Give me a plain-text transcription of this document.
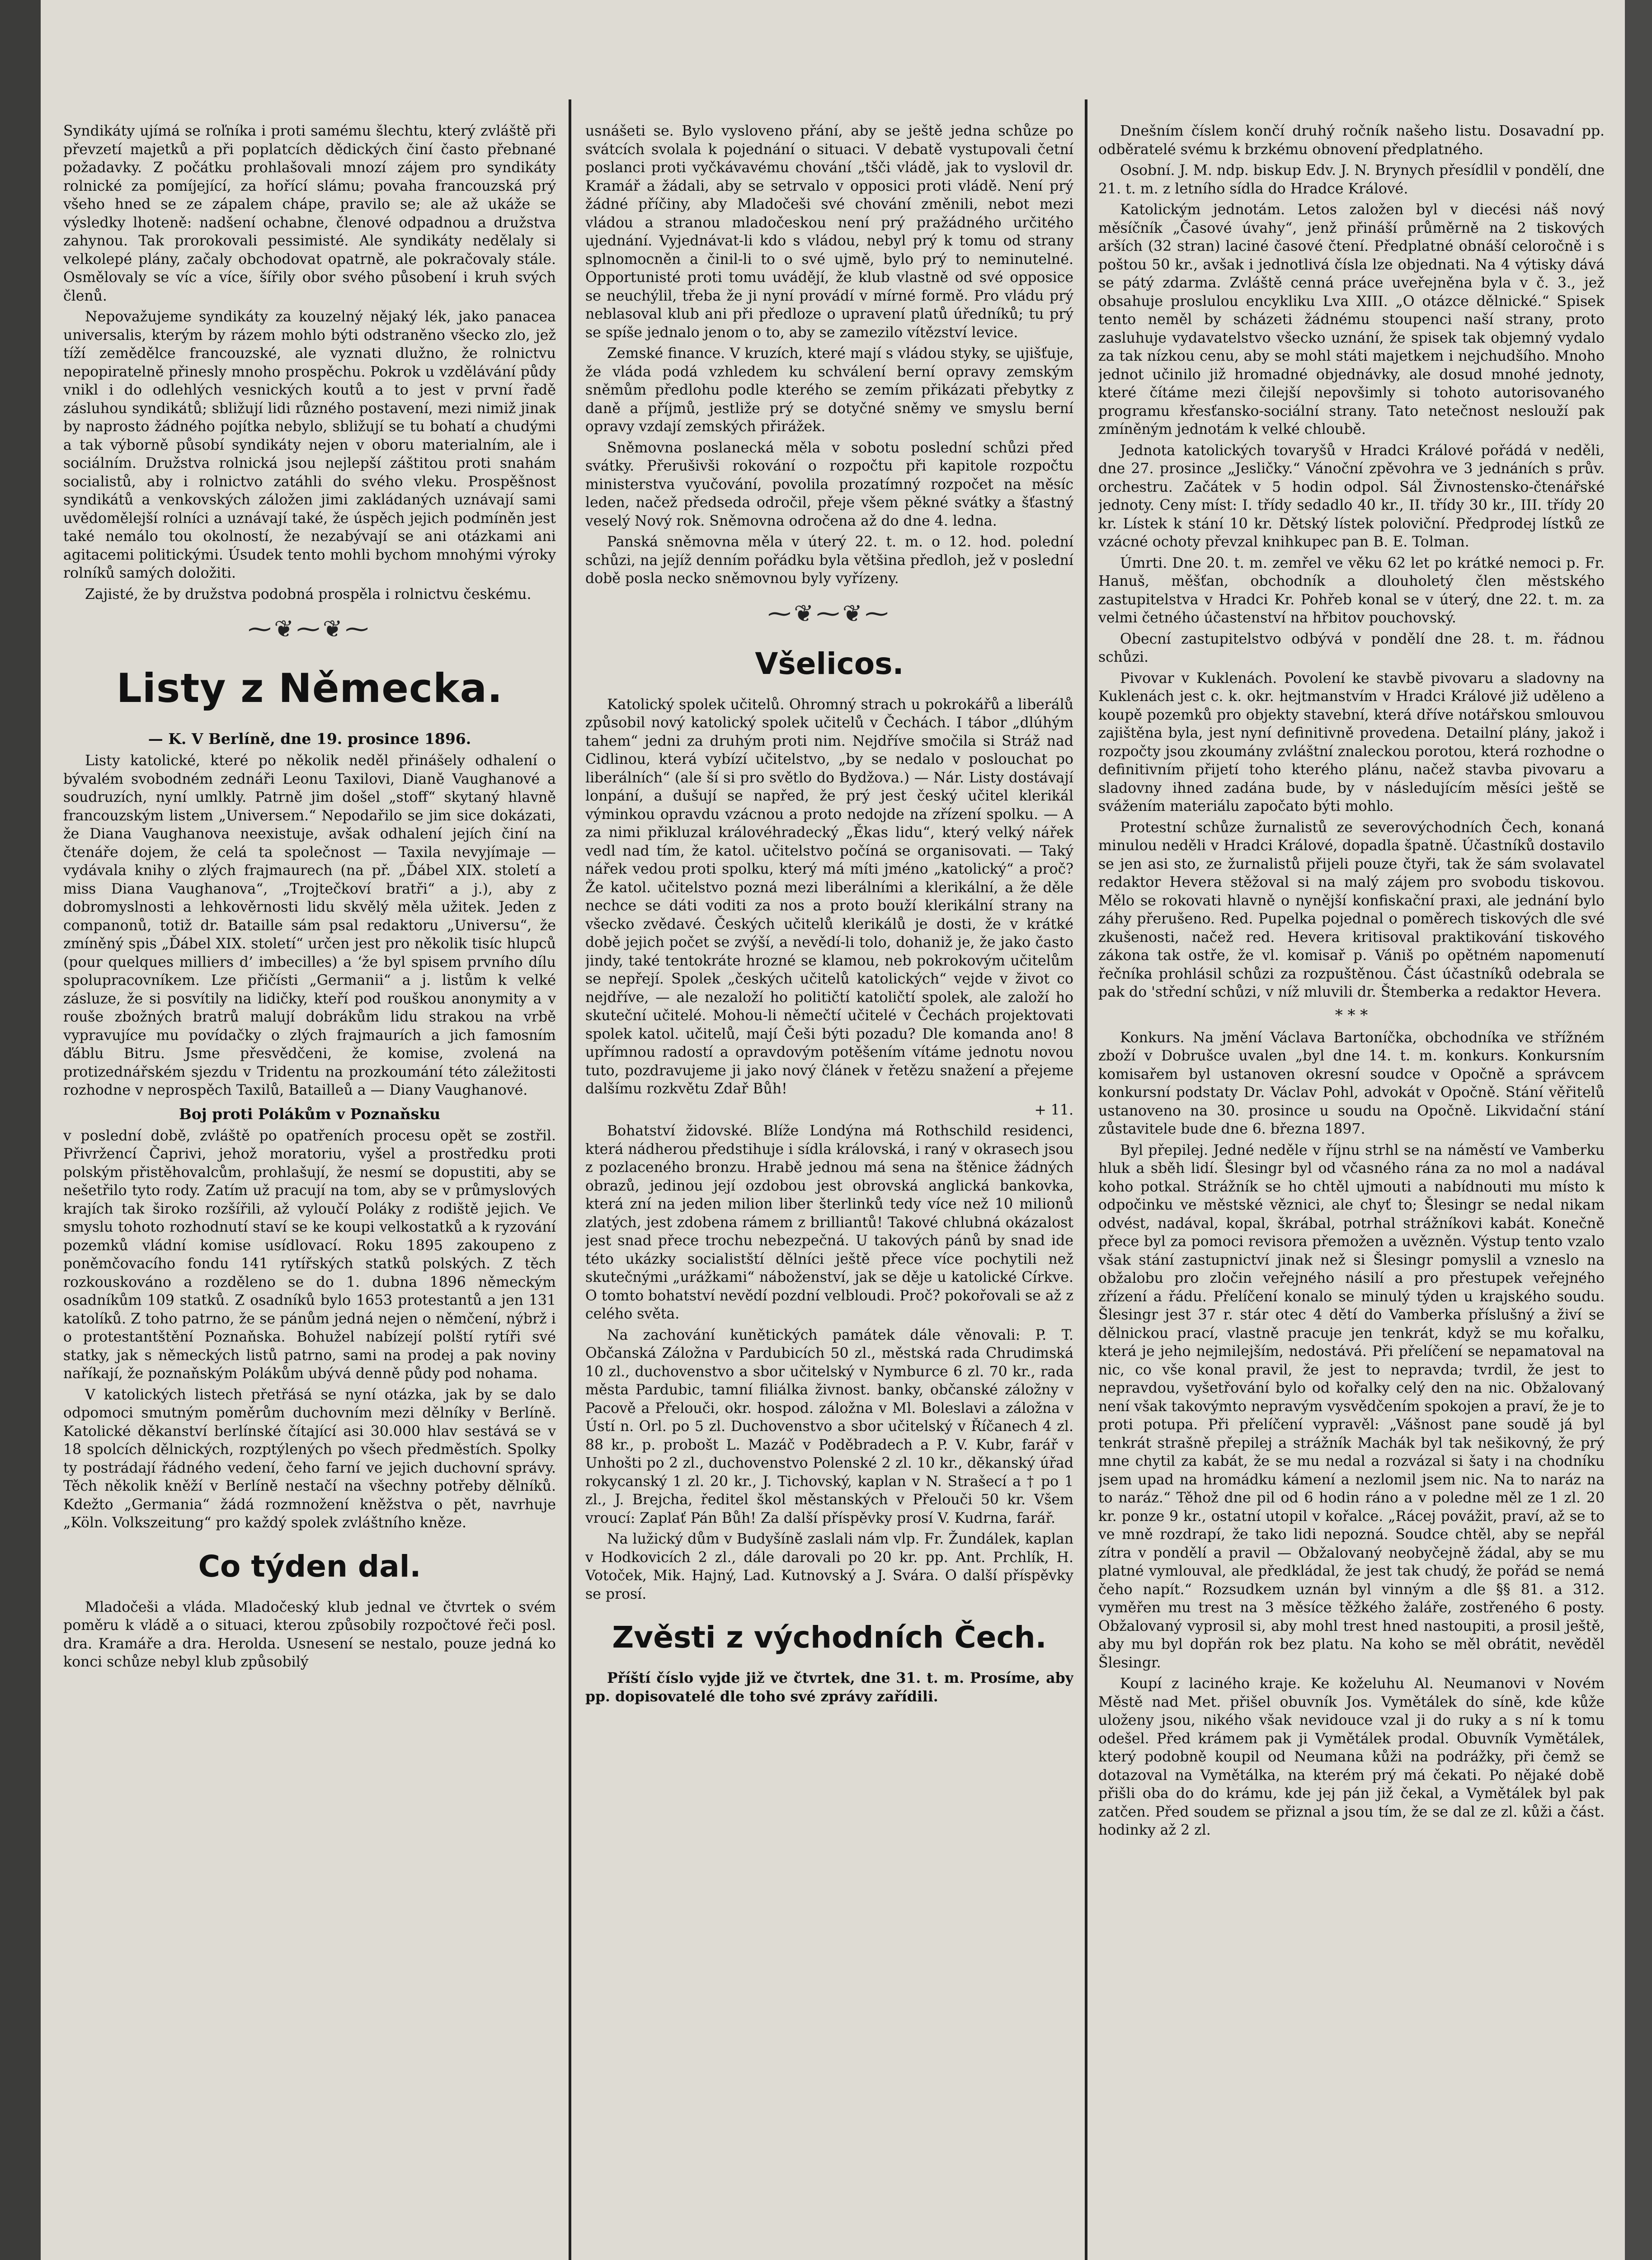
Syndikáty ujímá se roľníka i proti samému šlechtu, který zvláště při převzetí majetků a při poplatcích dědických činí často přebnané požadavky. Z počátku prohlašovali mnozí zájem pro syndikáty rolnické za pomíjející, za hořící slámu; povaha francouzská prý všeho hned se ze zápalem chápe, pravilo se; ale až ukáže se výsledky lhoteně: nadšení ochabne, členové odpadnou a družstva zahynou. Tak prorokovali pessimisté. Ale syndikáty nedělaly si velkolepé plány, začaly obchodovat opatrně, ale pokračovaly stále. Osmělovaly se víc a více, šířily obor svého působení i kruh svých členů.

Nepovažujeme syndikáty za kouzelný nějaký lék, jako panacea universalis, kterým by rázem mohlo býti odstraněno všecko zlo, jež tíží zemědělce francouzské, ale vyznati dlužno, že rolnictvu nepopiratelně přinesly mnoho prospěchu. Pokrok u vzdělávání půdy vnikl i do odlehlých vesnických koutů a to jest v první řadě zásluhou syndikátů; sbližují lidi různého postavení, mezi nimiž jinak by naprosto žádného pojítka nebylo, sbližují se tu bohatí a chudými a tak výborně působí syndikáty nejen v oboru materialním, ale i sociálním. Družstva rolnická jsou nejlepší záštitou proti snahám socialistů, aby i rolnictvo zatáhli do svého vleku. Prospěšnost syndikátů a venkovských záložen jimi zakládaných uznávají sami uvědomělejší rolníci a uznávají také, že úspěch jejich podmíněn jest také nemálo tou okolností, že nezabývají se ani otázkami ani agitacemi politickými. Úsudek tento mohli bychom mnohými výroky rolníků samých doložiti.

Zajisté, že by družstva podobná prospěla i rolnictvu českému.

⁓❦⁓❦⁓
Listy z Německa.
— K. V Berlíně, dne 19. prosince 1896.

Listy katolické, které po několik neděl přinášely odhalení o bývalém svobodném zednáři Leonu Taxilovi, Dianě Vaughanové a soudruzích, nyní umlkly. Patrně jim došel „stoff“ skytaný hlavně francouzským listem „Universem.“ Nepodařilo se jim sice dokázati, že Diana Vaughanova neexistuje, avšak odhalení jejích činí na čtenáře dojem, že celá ta společnost — Taxila nevyjímaje — vydávala knihy o zlých frajmaurech (na př. „Ďábel XIX. století a miss Diana Vaughanova“, „Trojtečkoví bratři“ a j.), aby z dobromyslnosti a lehkověrnosti lidu skvělý měla užitek. Jeden z companonů, totiž dr. Bataille sám psal redaktoru „Universu“, že zmíněný spis „Ďábel XIX. století“ určen jest pro několik tisíc hlupců (pour quelques milliers d’ imbecilles) a ‘že byl spisem prvního dílu spolupracovníkem. Lze přičísti „Germanii“ a j. listům k velké zásluze, že si posvítily na lidičky, kteří pod rouškou anonymity a v rouše zbožných bratrů malují dobrákům lidu strakou na vrbě vypravujíce mu povídačky o zlých frajmaurích a jich famosním ďáblu Bitru. Jsme přesvědčeni, že komise, zvolená na protizednářském sjezdu v Tridentu na prozkoumání této záležitosti rozhodne v neprospěch Taxilů, Batailleů a — Diany Vaughanové.

Boj proti Polákům v Poznaňsku

v poslední době, zvláště po opatřeních procesu opět se zostřil. Přivržencí Čaprivi, jehož moratoriu, vyšel a prostředku proti polským přistěhovalcům, prohlašují, že nesmí se dopustiti, aby se nešetřilo tyto rody. Zatím už pracují na tom, aby se v průmyslových krajích tak široko rozšířili, až vyloučí Poláky z rodiště jejich. Ve smyslu tohoto rozhodnutí staví se ke koupi velkostatků a k ryzování pozemků vládní komise usídlovací. Roku 1895 zakoupeno z poněmčovacího fondu 141 rytířských statků polských. Z těch rozkouskováno a rozděleno se do 1. dubna 1896 německým osadníkům 109 statků. Z osadníků bylo 1653 protestantů a jen 131 katolíků. Z toho patrno, že se pánům jedná nejen o němčení, nýbrž i o protestantštění Poznaňska. Bohužel nabízejí polští rytíři své statky, jak s německých listů patrno, sami na prodej a pak noviny naříkají, že poznaňským Polákům ubývá denně půdy pod nohama.

V katolických listech přetřásá se nyní otázka, jak by se dalo odpomoci smutným poměrům duchovním mezi dělníky v Berlíně. Katolické děkanství berlínské čítající asi 30.000 hlav sestává se v 18 spolcích dělnických, rozptýlených po všech předměstích. Spolky ty postrádají řádného vedení, čeho farní ve jejich duchovní správy. Těch několik kněží v Berlíně nestačí na všechny potřeby dělníků. Kdežto „Germania“ žádá rozmnožení kněžstva o pět, navrhuje „Köln. Volkszeitung“ pro každý spolek zvláštního kněze.

Co týden dal.

Mladočeši a vláda. Mladočeský klub jednal ve čtvrtek o svém poměru k vládě a o situaci, kterou způsobily rozpočtové řeči posl. dra. Kramáře a dra. Herolda. Usnesení se nestalo, pouze jedná ko konci schůze nebyl klub způsobilý

usnášeti se. Bylo vysloveno přání, aby se ještě jedna schůze po svátcích svolala k pojednání o situaci. V debatě vystupovali četní poslanci proti vyčkávavému chování „tšči vládě, jak to vyslovil dr. Kramář a žádali, aby se setrvalo v opposici proti vládě. Není prý žádné příčiny, aby Mladočeši své chování změnili, nebot mezi vládou a stranou mladočeskou není prý pražádného určitého ujednání. Vyjednávat-li kdo s vládou, nebyl prý k tomu od strany splnomocněn a činil-li to o své ujmě, bylo prý to neminutelné. Opportunisté proti tomu uvádějí, že klub vlastně od své opposice se neuchýlil, třeba že ji nyní provádí v mírné formě. Pro vládu prý neblasoval klub ani při předloze o upravení platů úředníků; tu prý se spíše jednalo jenom o to, aby se zamezilo vítězství levice.

Zemské finance. V kruzích, které mají s vládou styky, se ujišťuje, že vláda podá vzhledem ku schválení berní opravy zemským sněmům předlohu podle kterého se zemím přikázati přebytky z daně a příjmů, jestliže prý se dotyčné sněmy ve smyslu berní opravy vzdají zemských přirážek.

Sněmovna poslanecká měla v sobotu poslední schůzi před svátky. Přerušivši rokování o rozpočtu při kapitole rozpočtu ministerstva vyučování, povolila prozatímný rozpočet na měsíc leden, načež předseda odročil, přeje všem pěkné svátky a šťastný veselý Nový rok. Sněmovna odročena až do dne 4. ledna.

Panská sněmovna měla v úterý 22. t. m. o 12. hod. polední schůzi, na jejíž denním pořádku byla většina předloh, jež v poslední době posla necko sněmovnou byly vyřízeny.

⁓❦⁓❦⁓
Všelicos.

Katolický spolek učitelů. Ohromný strach u pokrokářů a liberálů způsobil nový katolický spolek učitelů v Čechách. I tábor „dlúhým tahem“ jedni za druhým proti nim. Nejdříve smočila si Stráž nad Cidlinou, která vybízí učitelstvo, „by se nedalo v poslouchat po liberálních“ (ale ší si pro světlo do Bydžova.) — Nár. Listy dostávají lonpání, a dušují se napřed, že prý jest český učitel klerikál výminkou opravdu vzácnou a proto nedojde na zřízení spolku. — A za nimi přikluzal královéhradecký „Ěkas lidu“, který velký nářek vedl nad tím, že katol. učitelstvo počíná se organisovati. — Taký nářek vedou proti spolku, který má míti jméno „katolický“ a proč? Že katol. učitelstvo pozná mezi liberálními a klerikální, a že děle nechce se dáti voditi za nos a proto bouží klerikální strany na všecko zvědavé. Českých učitelů klerikálů je dosti, že v krátké době jejich počet se zvýší, a nevědí-li tolo, dohaniž je, že jako často jindy, také tentokráte hrozné se klamou, neb pokrokovým učitelům se nepřejí. Spolek „českých učitelů katolických“ vejde v život co nejdříve, — ale nezaloží ho političtí katoličtí spolek, ale založí ho skuteční učitelé. Mohou-li němečtí učitelé v Čechách projektovati spolek katol. učitelů, mají Češi býti pozadu? Dle komanda ano! 8 upřímnou radostí a opravdovým potěšením vítáme jednotu novou tuto, pozdravujeme ji jako nový článek v řetězu snažení a přejeme dalšímu rozkvětu Zdař Bůh!

+ 11.

Bohatství židovské. Blíže Londýna má Rothschild residenci, která nádherou předstihuje i sídla královská, i raný v okrasech jsou z pozlaceného bronzu. Hrabě jednou má sena na štěnice žádných obrazů, jedinou její ozdobou jest obrovská anglická bankovka, která zní na jeden milion liber šterlinků tedy více než 10 milionů zlatých, jest zdobena rámem z brilliantů! Takové chlubná okázalost jest snad přece trochu nebezpečná. U takových pánů by snad ide této ukázky socialistští dělníci ještě přece více pochytili než skutečnými „urážkami“ náboženství, jak se děje u katolické Církve. O tomto bohatství nevědí pozdní velbloudi. Proč? pokořovali se až z celého světa.

Na zachování kunětických památek dále věnovali: P. T. Občanská Záložna v Pardubicích 50 zl., městská rada Chrudimská 10 zl., duchovenstvo a sbor učitelský v Nymburce 6 zl. 70 kr., rada města Pardubic, tamní filiálka živnost. banky, občanské záložny v Pacově a Přelouči, okr. hospod. záložna v Ml. Boleslavi a záložna v Ústí n. Orl. po 5 zl. Duchovenstvo a sbor učitelský v Říčanech 4 zl. 88 kr., p. probošt L. Mazáč v Poděbradech a P. V. Kubr, farář v Unhošti po 2 zl., duchovenstvo Polenské 2 zl. 10 kr., děkanský úřad rokycanský 1 zl. 20 kr., J. Tichovský, kaplan v N. Strašecí a † po 1 zl., J. Brejcha, ředitel škol městanských v Přelouči 50 kr. Všem vroucí: Zaplať Pán Bůh! Za další příspěvky prosí V. Kudrna, farář.

Na lužický dům v Budyšíně zaslali nám vlp. Fr. Žundálek, kaplan v Hodkovicích 2 zl., dále darovali po 20 kr. pp. Ant. Prchlík, H. Votoček, Mik. Hajný, Lad. Kutnovský a J. Svára. O další příspěvky se prosí.

Zvěsti z východních Čech.

Příští číslo vyjde již ve čtvrtek, dne 31. t. m. Prosíme, aby pp. dopisovatelé dle toho své zprávy zařídili.

Dnešním číslem končí druhý ročník našeho listu. Dosavadní pp. odběratelé svému k brzkému obnovení předplatného.

Osobní. J. M. ndp. biskup Edv. J. N. Brynych přesídlil v pondělí, dne 21. t. m. z letního sídla do Hradce Králové.

Katolickým jednotám. Letos založen byl v diecési náš nový měsíčník „Časové úvahy“, jenž přináší průměrně na 2 tiskových arších (32 stran) laciné časové čtení. Předplatné obnáší celoročně i s poštou 50 kr., avšak i jednotlivá čísla lze objednati. Na 4 výtisky dává se pátý zdarma. Zvláště cenná práce uveřejněna byla v č. 3., jež obsahuje proslulou encykliku Lva XIII. „O otázce dělnické.“ Spisek tento neměl by scházeti žádnému stoupenci naší strany, proto zasluhuje vydavatelstvo všecko uznání, že spisek tak objemný vydalo za tak nízkou cenu, aby se mohl státi majetkem i nejchudšího. Mnoho jednot učinilo již hromadné objednávky, ale dosud mnohé jednoty, které čítáme mezi čilejší nepovšimly si tohoto autorisovaného programu křesťansko-sociální strany. Tato netečnost neslouží pak zmíněným jednotám k velké chloubě.

Jednota katolických tovaryšů v Hradci Králové pořádá v neděli, dne 27. prosince „Jesličky.“ Vánoční zpěvohra ve 3 jednáních s prův. orchestru. Začátek v 5 hodin odpol. Sál Živnostensko-čtenářské jednoty. Ceny míst: I. třídy sedadlo 40 kr., II. třídy 30 kr., III. třídy 20 kr. Lístek k stání 10 kr. Dětský lístek poloviční. Předprodej lístků ze vzácné ochoty převzal knihkupec pan B. E. Tolman.

Úmrti. Dne 20. t. m. zemřel ve věku 62 let po krátké nemoci p. Fr. Hanuš, měšťan, obchodník a dlouholetý člen městského zastupitelstva v Hradci Kr. Pohřeb konal se v úterý, dne 22. t. m. za velmi četného účastenství na hřbitov pouchovský.

Obecní zastupitelstvo odbývá v pondělí dne 28. t. m. řádnou schůzi.

Pivovar v Kuklenách. Povolení ke stavbě pivovaru a sladovny na Kuklenách jest c. k. okr. hejtmanstvím v Hradci Králové již uděleno a koupě pozemků pro objekty stavební, která dříve notářskou smlouvou zajištěna byla, jest nyní definitivně provedena. Detailní plány, jakož i rozpočty jsou zkoumány zvláštní znaleckou porotou, která rozhodne o definitivním přijetí toho kterého plánu, načež stavba pivovaru a sladovny ihned zadána bude, by v následujícím měsíci ještě se svážením materiálu započato býti mohlo.

Protestní schůze žurnalistů ze severovýchodních Čech, konaná minulou neděli v Hradci Králové, dopadla špatně. Účastníků dostavilo se jen asi sto, ze žurnalistů přijeli pouze čtyři, tak že sám svolavatel redaktor Hevera stěžoval si na malý zájem pro svobodu tiskovou. Mělo se rokovati hlavně o nynější konfiskační praxi, ale jednání bylo záhy přerušeno. Red. Pupelka pojednal o poměrech tiskových dle své zkušenosti, načež red. Hevera kritisoval praktikování tiskového zákona tak ostře, že vl. komisař p. Vániš po opětném napomenutí řečníka prohlásil schůzi za rozpuštěnou. Část účastníků odebrala se pak do 'střední schůzi, v níž mluvili dr. Štemberka a redaktor Hevera.

* * *

Konkurs. Na jmění Václava Bartoníčka, obchodníka ve střížném zboží v Dobrušce uvalen „byl dne 14. t. m. konkurs. Konkursním komisařem byl ustanoven okresní soudce v Opočně a správcem konkursní podstaty Dr. Václav Pohl, advokát v Opočně. Stání věřitelů ustanoveno na 30. prosince u soudu na Opočně. Likvidační stání zůstavitele bude dne 6. března 1897.

Byl přepilej. Jedné neděle v říjnu strhl se na náměstí ve Vamberku hluk a sběh lidí. Šlesingr byl od včasného rána za no mol a nadával koho potkal. Strážník se ho chtěl ujmouti a nabídnouti mu místo k odpočinku ve městské věznici, ale chyť to; Šlesingr se nedal nikam odvést, nadával, kopal, škrábal, potrhal strážníkovi kabát. Konečně přece byl za pomoci revisora přemožen a uvězněn. Výstup tento vzalo však stání zastupnictví jinak než si Šlesingr pomyslil a vzneslo na obžalobu pro zločin veřejného násilí a pro přestupek veřejného zřízení a řádu. Přelíčení konalo se minulý týden u krajského soudu. Šlesingr jest 37 r. stár otec 4 dětí do Vamberka příslušný a živí se dělnickou prací, vlastně pracuje jen tenkrát, když se mu kořalku, která je jeho nejmilejším, nedostává. Při přelíčení se nepamatoval na nic, co vše konal pravil, že jest to nepravda; tvrdil, že jest to nepravdou, vyšetřování bylo od kořalky celý den na nic. Obžalovaný není však takovýmto nepravým vysvědčením spokojen a praví, že je to proti potupa. Při přelíčení vypravěl: „Vášnost pane soudě já byl tenkrát strašně přepilej a strážník Machák byl tak nešikovný, že prý mne chytil za kabát, že se mu nedal a rozvázal si šaty i na chodníku jsem upad na hromádku kámení a nezlomil jsem nic. Na to naráz na to naráz.“ Těhož dne pil od 6 hodin ráno a v poledne měl ze 1 zl. 20 kr. ponze 9 kr., ostatní utopil v kořalce. „Rácej povážit, praví, až se to ve mně rozdrapí, že tako lidi nepozná. Soudce chtěl, aby se nepřál zítra v pondělí a pravil — Obžalovaný neobyčejně žádal, aby se mu platné vymlouval, ale předkládal, že jest tak chudý, že pořád se nemá čeho napít.“ Rozsudkem uznán byl vinným a dle §§ 81. a 312. vyměřen mu trest na 3 měsíce těžkého žaláře, zostřeného 6 posty. Obžalovaný vyprosil si, aby mohl trest hned nastoupiti, a prosil ještě, aby mu byl dopřán rok bez platu. Na koho se měl obrátit, nevěděl Šlesingr.

Koupí z laciného kraje. Ke koželuhu Al. Neumanovi v Novém Městě nad Met. přišel obuvník Jos. Vymětálek do síně, kde kůže uloženy jsou, nikého však nevidouce vzal ji do ruky a s ní k tomu odešel. Před krámem pak ji Vymětálek prodal. Obuvník Vymětálek, který podobně koupil od Neumana kůži na podrážky, při čemž se dotazoval na Vymětálka, na kterém prý má čekati. Po nějaké době přišli oba do do krámu, kde jej pán již čekal, a Vymětálek byl pak zatčen. Před soudem se přiznal a jsou tím, že se dal ze zl. kůži a část. hodinky až 2 zl.
